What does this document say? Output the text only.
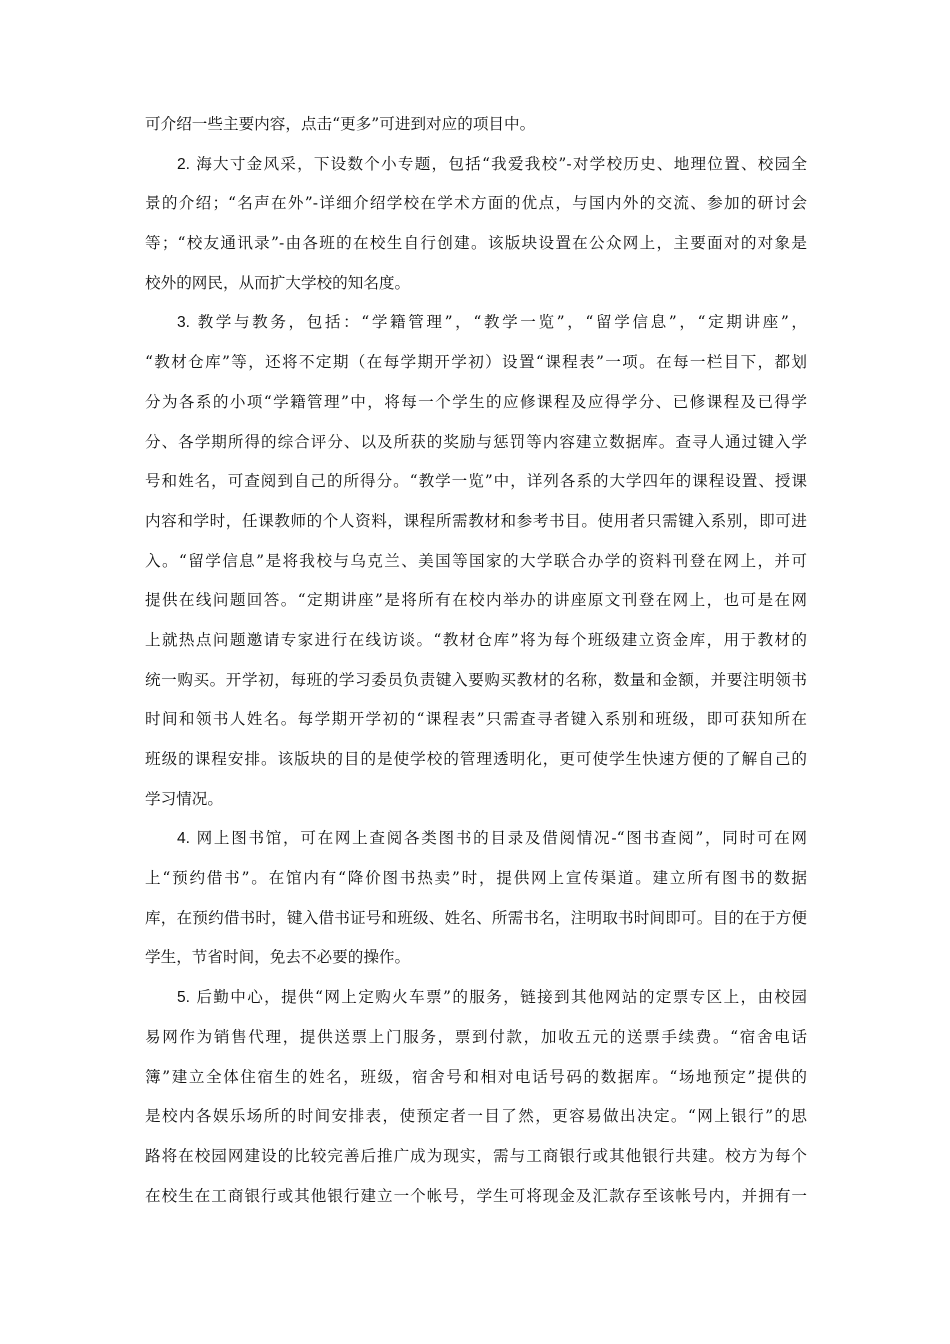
可介绍一些主要内容，点击“更多”可进到对应的项目中。
2. 海大寸金风采，下设数个小专题，包括“我爱我校”-对学校历史、地理位置、校园全
景的介绍；“名声在外”-详细介绍学校在学术方面的优点，与国内外的交流、参加的研讨会
等；“校友通讯录”-由各班的在校生自行创建。该版块设置在公众网上，主要面对的对象是
校外的网民，从而扩大学校的知名度。
3. 教学与教务，包括：“学籍管理”，“教学一览”，“留学信息”，“定期讲座”，
“教材仓库”等，还将不定期（在每学期开学初）设置“课程表”一项。在每一栏目下，都划
分为各系的小项“学籍管理”中，将每一个学生的应修课程及应得学分、已修课程及已得学
分、各学期所得的综合评分、以及所获的奖励与惩罚等内容建立数据库。查寻人通过键入学
号和姓名，可查阅到自己的所得分。“教学一览”中，详列各系的大学四年的课程设置、授课
内容和学时，任课教师的个人资料，课程所需教材和参考书目。使用者只需键入系别，即可进
入。“留学信息”是将我校与乌克兰、美国等国家的大学联合办学的资料刊登在网上，并可
提供在线问题回答。“定期讲座”是将所有在校内举办的讲座原文刊登在网上，也可是在网
上就热点问题邀请专家进行在线访谈。“教材仓库”将为每个班级建立资金库，用于教材的
统一购买。开学初，每班的学习委员负责键入要购买教材的名称，数量和金额，并要注明领书
时间和领书人姓名。每学期开学初的“课程表”只需查寻者键入系别和班级，即可获知所在
班级的课程安排。该版块的目的是使学校的管理透明化，更可使学生快速方便的了解自己的
学习情况。
4. 网上图书馆，可在网上查阅各类图书的目录及借阅情况-“图书查阅”，同时可在网
上“预约借书”。在馆内有“降价图书热卖”时，提供网上宣传渠道。建立所有图书的数据
库，在预约借书时，键入借书证号和班级、姓名、所需书名，注明取书时间即可。目的在于方便
学生，节省时间，免去不必要的操作。
5. 后勤中心，提供“网上定购火车票”的服务，链接到其他网站的定票专区上，由校园
易网作为销售代理，提供送票上门服务，票到付款，加收五元的送票手续费。“宿舍电话
簿”建立全体住宿生的姓名，班级，宿舍号和相对电话号码的数据库。“场地预定”提供的
是校内各娱乐场所的时间安排表，使预定者一目了然，更容易做出决定。“网上银行”的思
路将在校园网建设的比较完善后推广成为现实，需与工商银行或其他银行共建。校方为每个
在校生在工商银行或其他银行建立一个帐号，学生可将现金及汇款存至该帐号内，并拥有一
